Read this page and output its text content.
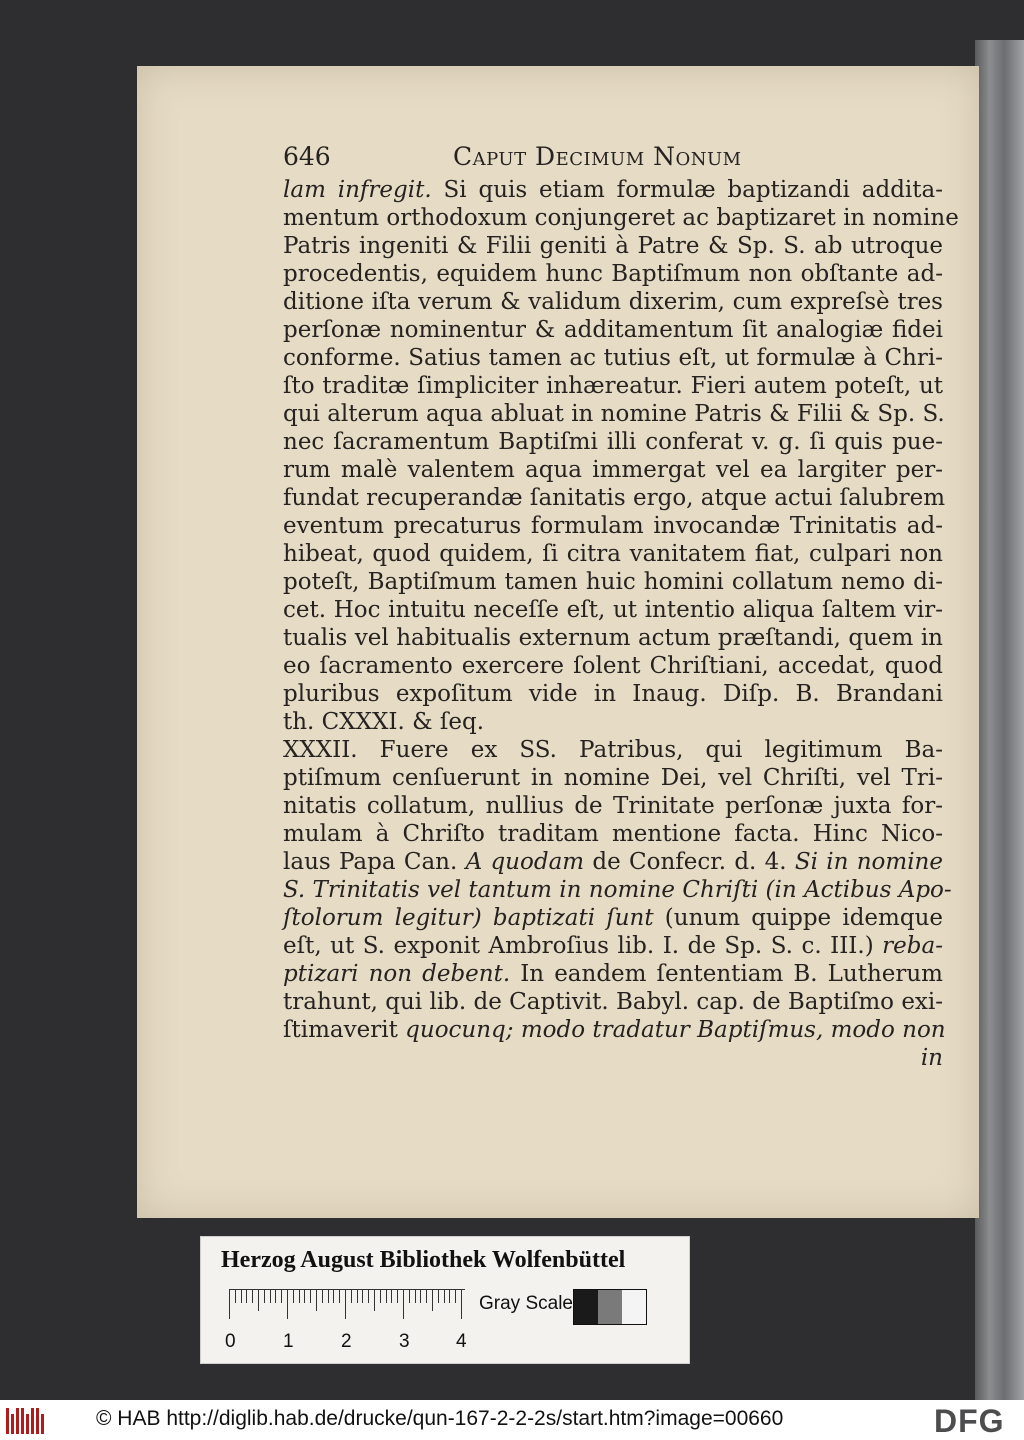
646	Caput Decimum Nonum
lam infregit. Si quis etiam formulæ baptizandi addita-
mentum orthodoxum conjungeret ac baptizaret in nomine
Patris ingeniti & Filii geniti à Patre & Sp. S. ab utroque
procedentis, equidem hunc Baptiſmum non obſtante ad-
ditione iſta verum & validum dixerim, cum expreſsè tres
perſonæ nominentur & additamentum ſit analogiæ fidei
conforme. Satius tamen ac tutius eſt, ut formulæ à Chri-
ſto traditæ ſimpliciter inhæreatur. Fieri autem poteſt, ut
qui alterum aqua abluat in nomine Patris & Filii & Sp. S.
nec ſacramentum Baptiſmi illi conferat v. g. ſi quis pue-
rum malè valentem aqua immergat vel ea largiter per-
fundat recuperandæ ſanitatis ergo, atque actui ſalubrem
eventum precaturus formulam invocandæ Trinitatis ad-
hibeat, quod quidem, ſi citra vanitatem fiat, culpari non
poteſt, Baptiſmum tamen huic homini collatum nemo di-
cet. Hoc intuitu neceſſe eſt, ut intentio aliqua ſaltem vir-
tualis vel habitualis externum actum præſtandi, quem in
eo ſacramento exercere ſolent Chriſtiani, accedat, quod
pluribus expoſitum vide in Inaug. Diſp. B. Brandani
th. CXXXI. & ſeq.
XXXII. Fuere ex SS. Patribus, qui legitimum Ba-
ptiſmum cenſuerunt in nomine Dei, vel Chriſti, vel Tri-
nitatis collatum, nullius de Trinitate perſonæ juxta for-
mulam à Chriſto traditam mentione facta. Hinc Nico-
laus Papa Can. A quodam de Confecr. d. 4. Si in nomine
S. Trinitatis vel tantum in nomine Chriſti (in Actibus Apo-
ſtolorum legitur) baptizati ſunt (unum quippe idemque
eſt, ut S. exponit Ambroſius lib. I. de Sp. S. c. III.) reba-
ptizari non debent. In eandem ſententiam B. Lutherum
trahunt, qui lib. de Captivit. Babyl. cap. de Baptiſmo exi-
ſtimaverit quocunq; modo tradatur Baptiſmus, modo non
in
Herzog August Bibliothek Wolfenbüttel
0 1 2 3 4
Gray Scale
© HAB http://diglib.hab.de/drucke/qun-167-2-2-2s/start.htm?image=00660	DFG
